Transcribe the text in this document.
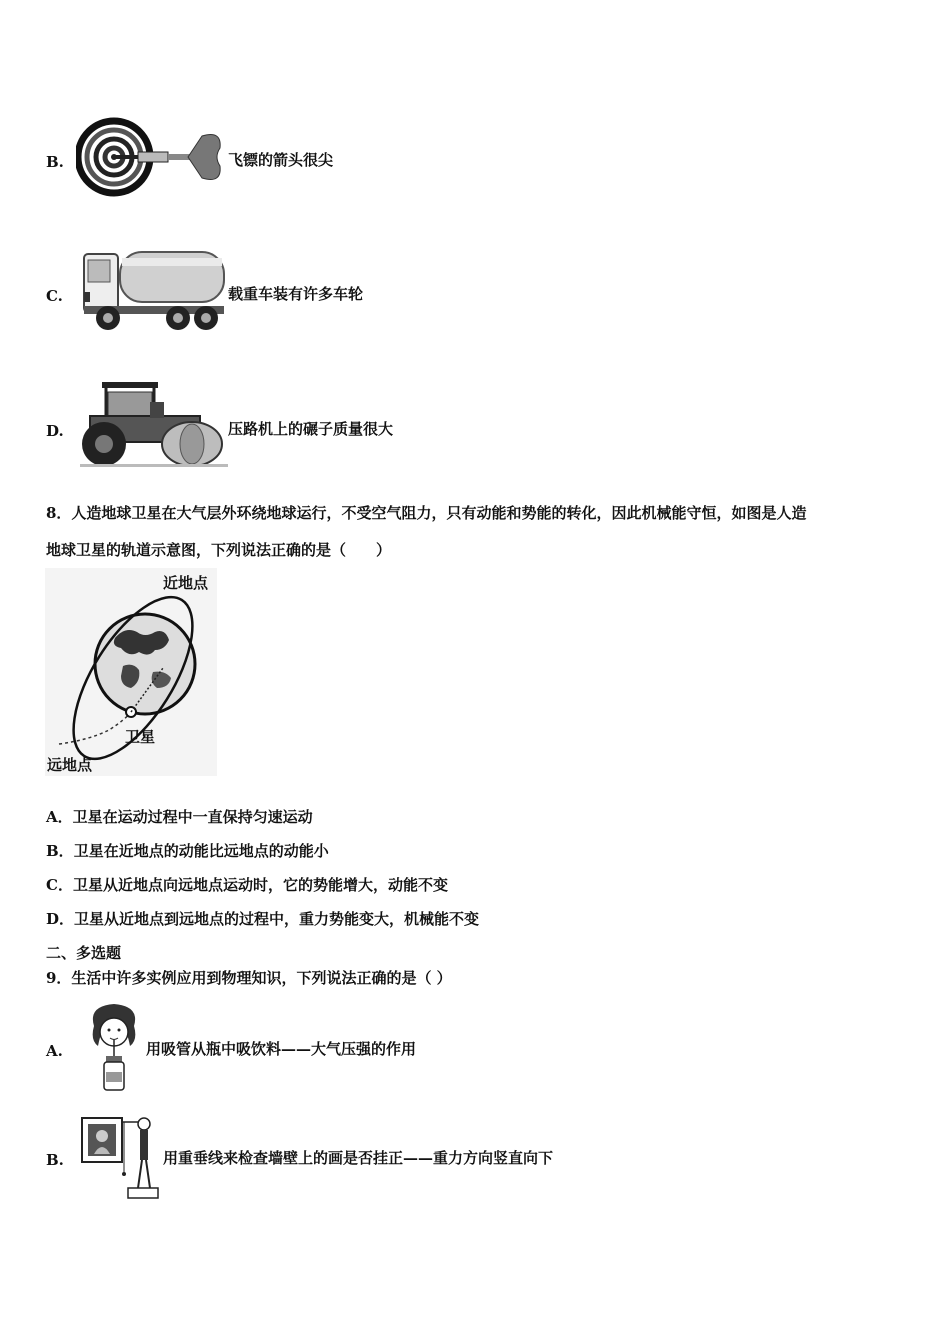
B.	飞镖的箭头很尖
C.	载重车装有许多车轮
D.	压路机上的碾子质量很大
8．人造地球卫星在大气层外环绕地球运行，不受空气阻力，只有动能和势能的转化，因此机械能守恒，如图是人造
地球卫星的轨道示意图，下列说法正确的是（　　）
近地点
卫星
远地点
A．卫星在运动过程中一直保持匀速运动
B．卫星在近地点的动能比远地点的动能小
C．卫星从近地点向远地点运动时，它的势能增大，动能不变
D．卫星从近地点到远地点的过程中，重力势能变大，机械能不变
二、多选题
9．生活中许多实例应用到物理知识，下列说法正确的是（ ）
A.	用吸管从瓶中吸饮料——大气压强的作用
B.	用重垂线来检查墙壁上的画是否挂正——重力方向竖直向下
